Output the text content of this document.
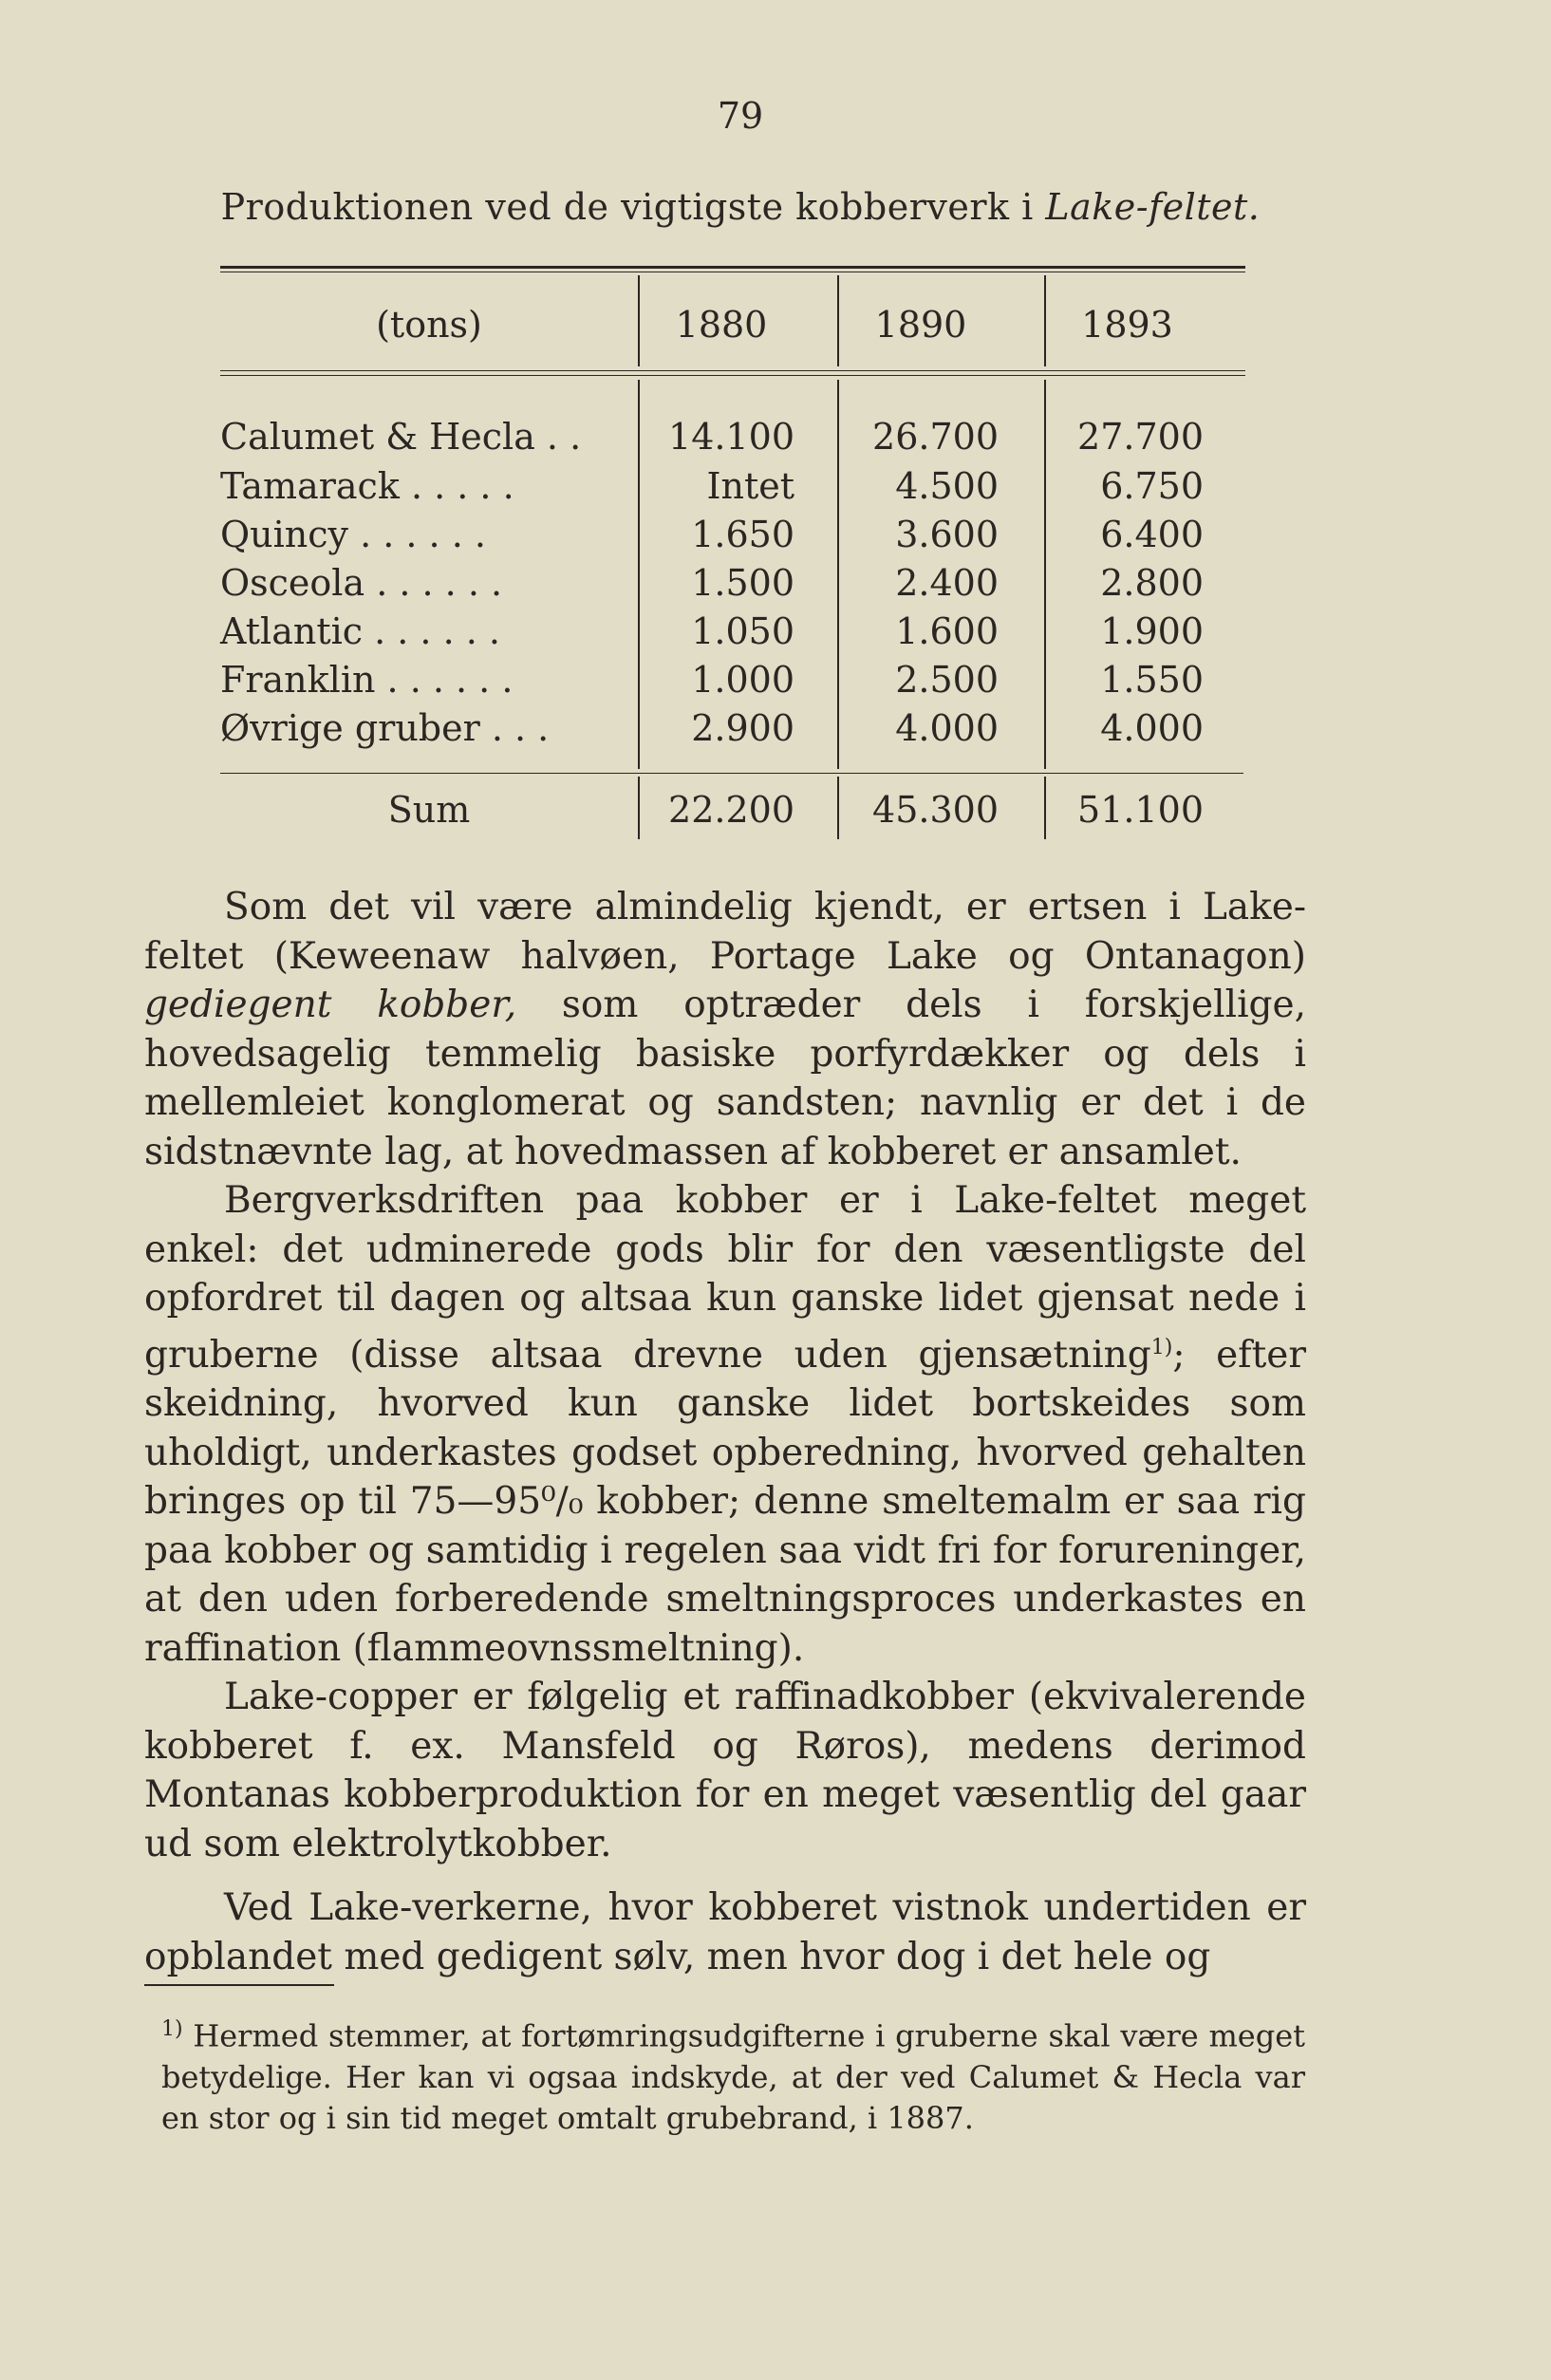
79
Produktionen ved de vigtigste kobberverk i Lake-feltet.
(tons)	1880	1890	1893
Calumet & Hecla . .	14.100	26.700	27.700
Tamarack . . . . .	Intet	4.500	6.750
Quincy . . . . . .	1.650	3.600	6.400
Osceola . . . . . .	1.500	2.400	2.800
Atlantic . . . . . .	1.050	1.600	1.900
Franklin . . . . . .	1.000	2.500	1.550
Øvrige gruber . . .	2.900	4.000	4.000
Sum	22.200	45.300	51.100

Som det vil være almindelig kjendt, er ertsen i Lake-feltet (Keweenaw halvøen, Portage Lake og Ontanagon) gediegent kobber, som optræder dels i forskjellige, hovedsagelig temmelig basiske porfyrdækker og dels i mellemleiet konglomerat og sandsten; navnlig er det i de sidstnævnte lag, at hovedmassen af kobberet er ansamlet.

Bergverksdriften paa kobber er i Lake-feltet meget enkel: det udminerede gods blir for den væsentligste del opfordret til dagen og altsaa kun ganske lidet gjensat nede i gruberne (disse altsaa drevne uden gjensætning$^{1)}$; efter skeidning, hvorved kun ganske lidet bortskeides som uholdigt, underkastes godset opberedning, hvorved gehalten bringes op til 75—95⁰/₀ kobber; denne smeltemalm er saa rig paa kobber og samtidig i regelen saa vidt fri for forureninger, at den uden forberedende smeltningsproces underkastes en raffination (flammeovnssmeltning).

Lake-copper er følgelig et raffinadkobber (ekvivalerende kobberet f. ex. Mansfeld og Røros), medens derimod Montanas kobberproduktion for en meget væsentlig del gaar ud som elektrolytkobber.

Ved Lake-verkerne, hvor kobberet vistnok undertiden er opblandet med gedigent sølv, men hvor dog i det hele og

$^{1)}$ Hermed stemmer, at fortømringsudgifterne i gruberne skal være meget betydelige. Her kan vi ogsaa indskyde, at der ved Calumet & Hecla var en stor og i sin tid meget omtalt grubebrand, i 1887.
